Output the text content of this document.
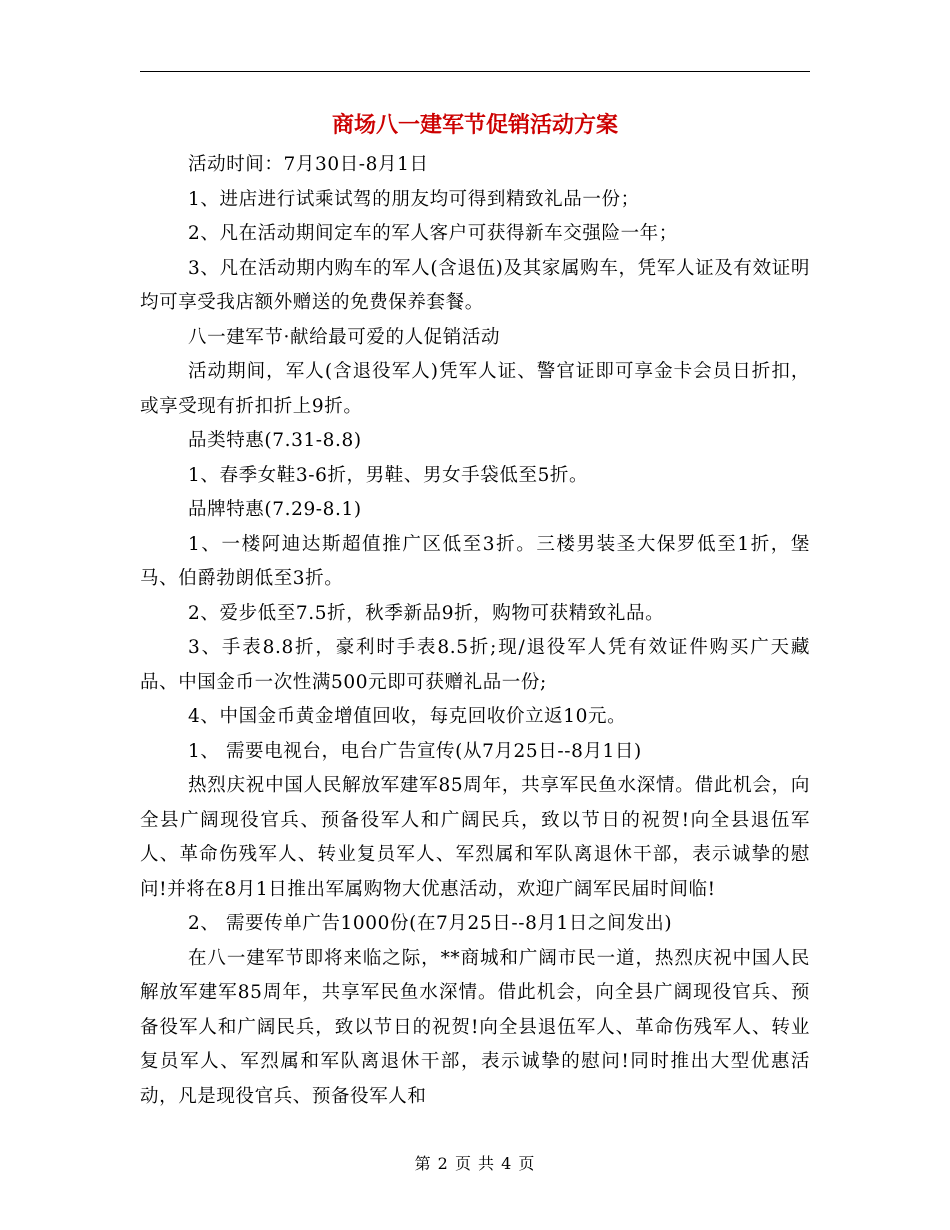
商场八一建军节促销活动方案

活动时间：7月30日-8月1日

1、进店进行试乘试驾的朋友均可得到精致礼品一份；

2、凡在活动期间定车的军人客户可获得新车交强险一年；

3、凡在活动期内购车的军人(含退伍)及其家属购车，凭军人证及有效证明均可享受我店额外赠送的免费保养套餐。

八一建军节·献给最可爱的人促销活动

活动期间，军人(含退役军人)凭军人证、警官证即可享金卡会员日折扣，或享受现有折扣折上9折。

品类特惠(7.31-8.8)

1、春季女鞋3-6折，男鞋、男女手袋低至5折。

品牌特惠(7.29-8.1)

1、一楼阿迪达斯超值推广区低至3折。三楼男装圣大保罗低至1折，堡马、伯爵勃朗低至3折。

2、爱步低至7.5折，秋季新品9折，购物可获精致礼品。

3、手表8.8折，豪利时手表8.5折;现/退役军人凭有效证件购买广天藏品、中国金币一次性满500元即可获赠礼品一份;

4、中国金币黄金增值回收，每克回收价立返10元。

1、 需要电视台，电台广告宣传(从7月25日--8月1日)

热烈庆祝中国人民解放军建军85周年，共享军民鱼水深情。借此机会，向全县广阔现役官兵、预备役军人和广阔民兵，致以节日的祝贺!向全县退伍军人、革命伤残军人、转业复员军人、军烈属和军队离退休干部，表示诚挚的慰问!并将在8月1日推出军属购物大优惠活动，欢迎广阔军民届时间临!

2、 需要传单广告1000份(在7月25日--8月1日之间发出)

在八一建军节即将来临之际，**商城和广阔市民一道，热烈庆祝中国人民解放军建军85周年，共享军民鱼水深情。借此机会，向全县广阔现役官兵、预备役军人和广阔民兵，致以节日的祝贺!向全县退伍军人、革命伤残军人、转业复员军人、军烈属和军队离退休干部，表示诚挚的慰问!同时推出大型优惠活动，凡是现役官兵、预备役军人和

第 2 页 共 4 页
